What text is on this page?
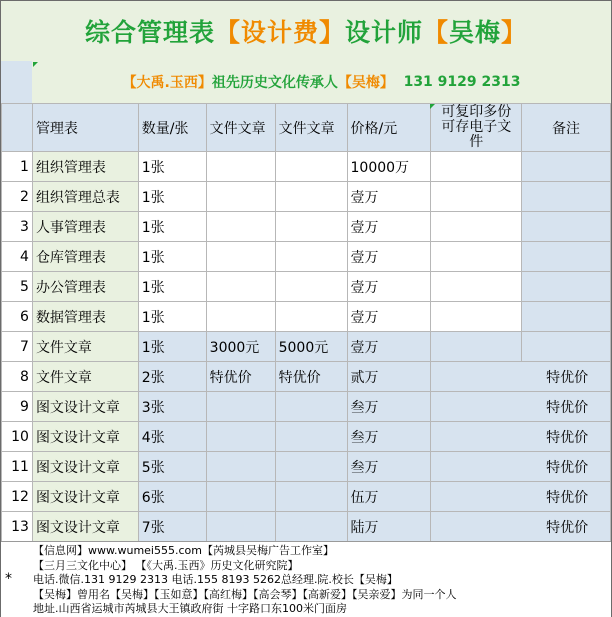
综合管理表【设计费】设计师【吴梅】
【 大禹.玉西 】 祖先历史文化传承人 【 吴梅 】
131 9129 2313
	管理表	数量/张	文件文章	文件文章	价格/元	可复印多份
可存电子文件	备注
1	组织管理表	1张			10000万		
2	组织管理总表	1张			壹万		
3	人事管理表	1张			壹万		
4	仓库管理表	1张			壹万		
5	办公管理表	1张			壹万		
6	数据管理表	1张			壹万		
7	文件文章	1张	3000元	5000元	壹万		
8	文件文章	2张	特优价	特优价	贰万	特优价	
9	图文设计文章	3张			叁万	特优价	
10	图文设计文章	4张			叁万	特优价	
11	图文设计文章	5张			叁万	特优价	
12	图文设计文章	6张			伍万	特优价	
13	图文设计文章	7张			陆万	特优价	
*
【信息网】www.wumei555.com【芮城县吴梅广告工作室】
【三月三文化中心】 【《大禹.玉西》历史文化研究院】
电话.微信.131 9129 2313 电话.155 8193 5262总经理.院.校长【吴梅】
【吴梅】曾用名【吴梅】【玉如意】【高红梅】【高会琴】【高新爱】【吴亲爱】为同一个人
地址.山西省运城市芮城县大王镇政府街 十字路口东100米门面房
